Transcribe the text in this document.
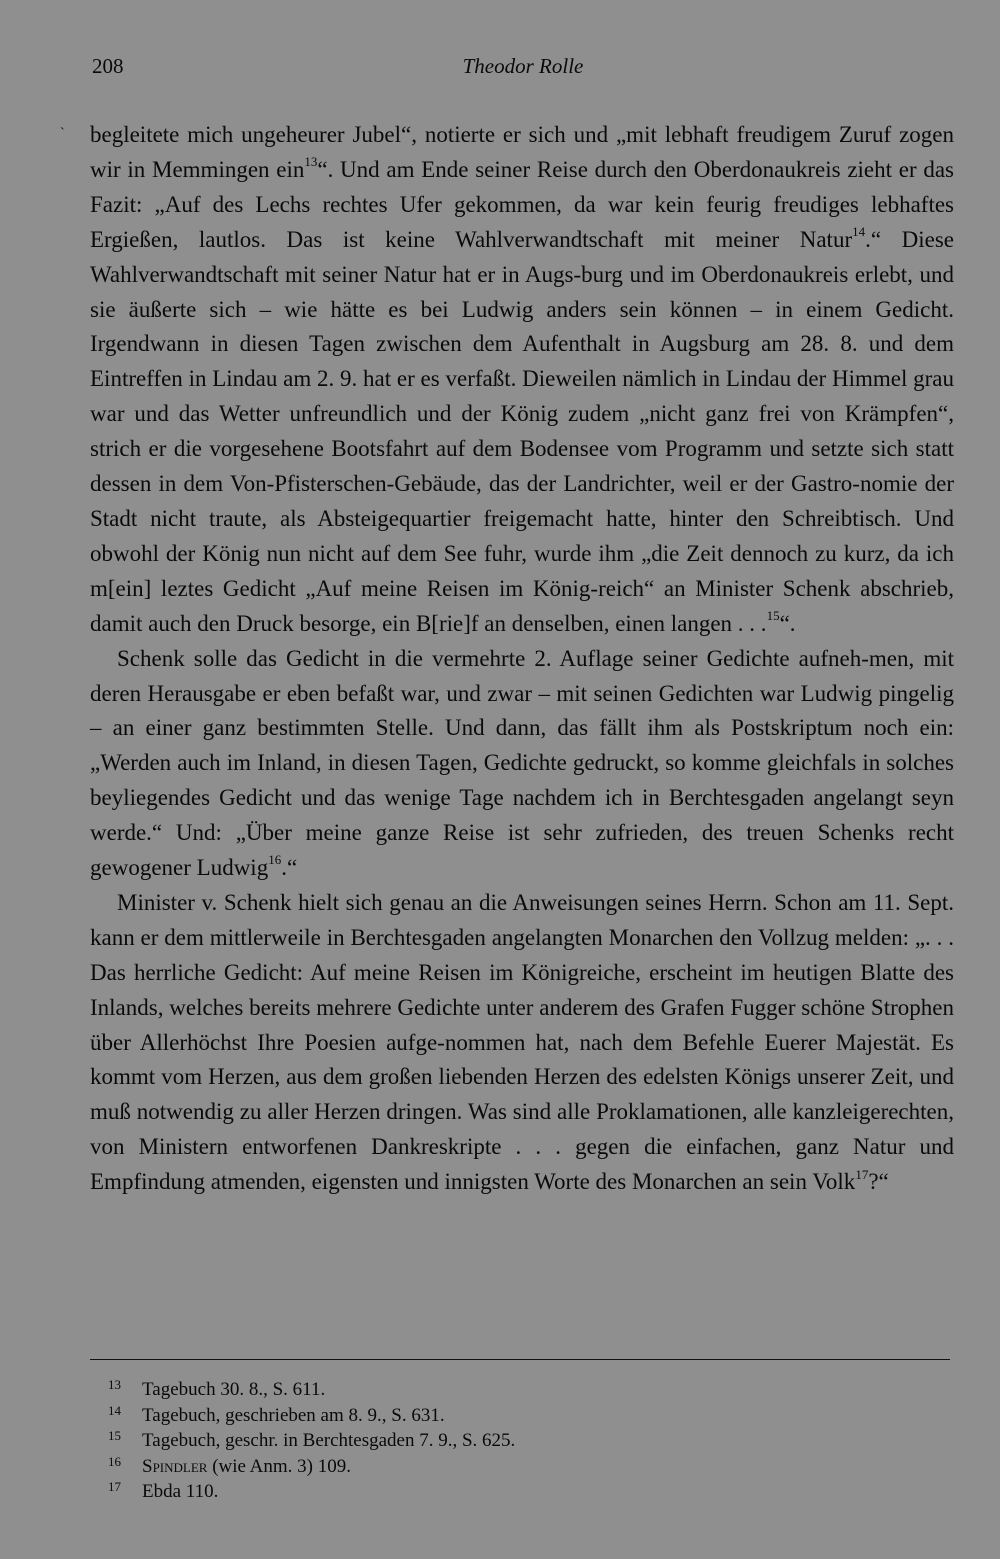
208	Theodor Rolle
` begleitete mich ungeheurer Jubel“, notierte er sich und „mit lebhaft freudigem Zuruf zogen wir in Memmingen ein$^{13}$“. Und am Ende seiner Reise durch den Oberdonaukreis zieht er das Fazit: „Auf des Lechs rechtes Ufer gekommen, da war kein feurig freudiges lebhaftes Ergießen, lautlos. Das ist keine Wahlverwandtschaft mit meiner Natur$^{14}$.“ Diese Wahlverwandtschaft mit seiner Natur hat er in Augs-burg und im Oberdonaukreis erlebt, und sie äußerte sich – wie hätte es bei Ludwig anders sein können – in einem Gedicht. Irgendwann in diesen Tagen zwischen dem Aufenthalt in Augsburg am 28. 8. und dem Eintreffen in Lindau am 2. 9. hat er es verfaßt. Dieweilen nämlich in Lindau der Himmel grau war und das Wetter unfreundlich und der König zudem „nicht ganz frei von Krämpfen“, strich er die vorgesehene Bootsfahrt auf dem Bodensee vom Programm und setzte sich statt dessen in dem Von-Pfisterschen-Gebäude, das der Landrichter, weil er der Gastro-nomie der Stadt nicht traute, als Absteigequartier freigemacht hatte, hinter den Schreibtisch. Und obwohl der König nun nicht auf dem See fuhr, wurde ihm „die Zeit dennoch zu kurz, da ich m[ein] leztes Gedicht „Auf meine Reisen im König-reich“ an Minister Schenk abschrieb, damit auch den Druck besorge, ein B[rie]f an denselben, einen langen . . .$^{15}$“.

Schenk solle das Gedicht in die vermehrte 2. Auflage seiner Gedichte aufneh-men, mit deren Herausgabe er eben befaßt war, und zwar – mit seinen Gedichten war Ludwig pingelig – an einer ganz bestimmten Stelle. Und dann, das fällt ihm als Postskriptum noch ein: „Werden auch im Inland, in diesen Tagen, Gedichte gedruckt, so komme gleichfals in solches beyliegendes Gedicht und das wenige Tage nachdem ich in Berchtesgaden angelangt seyn werde.“ Und: „Über meine ganze Reise ist sehr zufrieden, des treuen Schenks recht gewogener Ludwig$^{16}$.“

Minister v. Schenk hielt sich genau an die Anweisungen seines Herrn. Schon am 11. Sept. kann er dem mittlerweile in Berchtesgaden angelangten Monarchen den Vollzug melden: „. . . Das herrliche Gedicht: Auf meine Reisen im Königreiche, erscheint im heutigen Blatte des Inlands, welches bereits mehrere Gedichte unter anderem des Grafen Fugger schöne Strophen über Allerhöchst Ihre Poesien aufge-nommen hat, nach dem Befehle Euerer Majestät. Es kommt vom Herzen, aus dem großen liebenden Herzen des edelsten Königs unserer Zeit, und muß notwendig zu aller Herzen dringen. Was sind alle Proklamationen, alle kanzleigerechten, von Ministern entworfenen Dankreskripte . . . gegen die einfachen, ganz Natur und Empfindung atmenden, eigensten und innigsten Worte des Monarchen an sein Volk$^{17}$?“

13	Tagebuch 30. 8., S. 611.
14	Tagebuch, geschrieben am 8. 9., S. 631.
15	Tagebuch, geschr. in Berchtesgaden 7. 9., S. 625.
16	Spindler (wie Anm. 3) 109.
17	Ebda 110.
